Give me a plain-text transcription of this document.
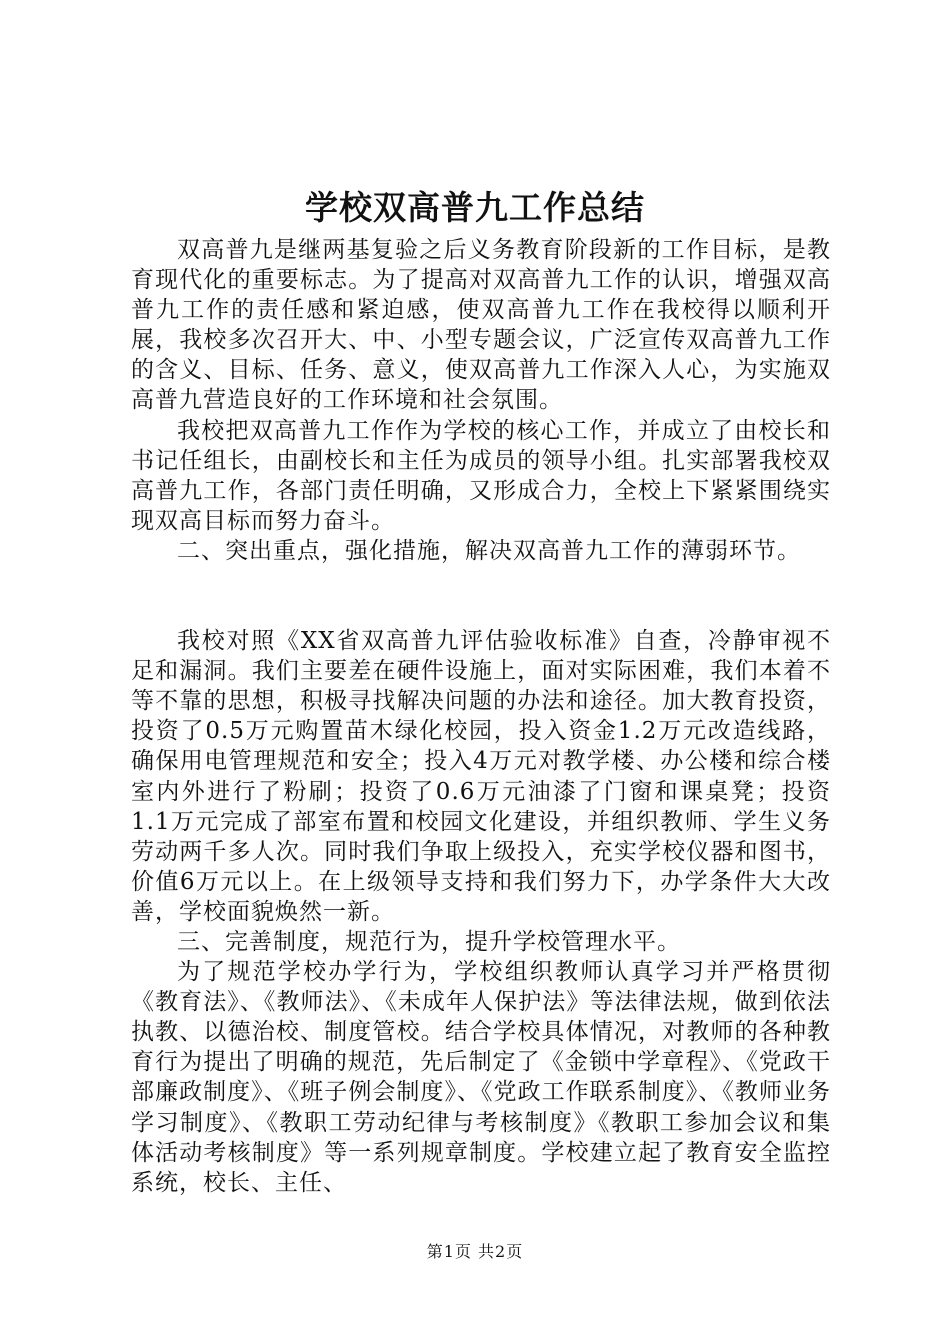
学校双高普九工作总结

双高普九是继两基复验之后义务教育阶段新的工作目标，是教育现代化的重要标志。为了提高对双高普九工作的认识，增强双高普九工作的责任感和紧迫感，使双高普九工作在我校得以顺利开展，我校多次召开大、中、小型专题会议，广泛宣传双高普九工作的含义、目标、任务、意义，使双高普九工作深入人心，为实施双高普九营造良好的工作环境和社会氛围。

我校把双高普九工作作为学校的核心工作，并成立了由校长和书记任组长，由副校长和主任为成员的领导小组。扎实部署我校双高普九工作，各部门责任明确，又形成合力，全校上下紧紧围绕实现双高目标而努力奋斗。

二、突出重点，强化措施，解决双高普九工作的薄弱环节。

我校对照《XX省双高普九评估验收标准》自查，冷静审视不足和漏洞。我们主要差在硬件设施上，面对实际困难，我们本着不等不靠的思想，积极寻找解决问题的办法和途径。加大教育投资，投资了0.5万元购置苗木绿化校园，投入资金1.2万元改造线路，确保用电管理规范和安全；投入4万元对教学楼、办公楼和综合楼室内外进行了粉刷；投资了0.6万元油漆了门窗和课桌凳；投资1.1万元完成了部室布置和校园文化建设，并组织教师、学生义务劳动两千多人次。同时我们争取上级投入，充实学校仪器和图书，价值6万元以上。在上级领导支持和我们努力下，办学条件大大改善，学校面貌焕然一新。

三、完善制度，规范行为，提升学校管理水平。

为了规范学校办学行为，学校组织教师认真学习并严格贯彻《教育法》、《教师法》、《未成年人保护法》等法律法规，做到依法执教、以德治校、制度管校。结合学校具体情况，对教师的各种教育行为提出了明确的规范，先后制定了《金锁中学章程》、《党政干部廉政制度》、《班子例会制度》、《党政工作联系制度》、《教师业务学习制度》、《教职工劳动纪律与考核制度》《教职工参加会议和集体活动考核制度》等一系列规章制度。学校建立起了教育安全监控系统，校长、主任、

第1页 共2页
